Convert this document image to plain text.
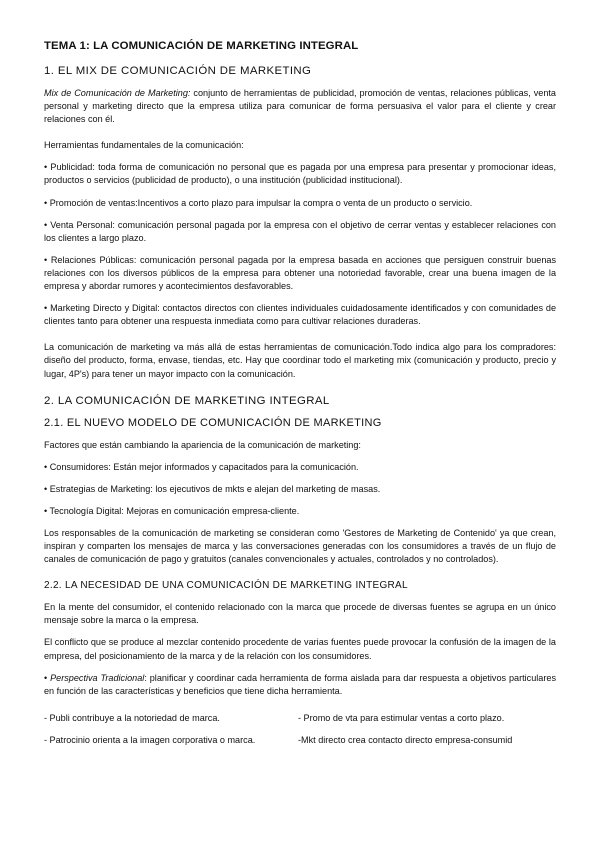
TEMA 1: LA COMUNICACIÓN DE MARKETING INTEGRAL
1. EL MIX DE COMUNICACIÓN DE MARKETING

Mix de Comunicación de Marketing: conjunto de herramientas de publicidad, promoción de ventas, relaciones públicas, venta personal y marketing directo que la empresa utiliza para comunicar de forma persuasiva el valor para el cliente y crear relaciones con él.

Herramientas fundamentales de la comunicación:

• Publicidad: toda forma de comunicación no personal que es pagada por una empresa para presentar y promocionar ideas, productos o servicios (publicidad de producto), o una institución (publicidad institucional).

• Promoción de ventas:Incentivos a corto plazo para impulsar la compra o venta de un producto o servicio.

• Venta Personal: comunicación personal pagada por la empresa con el objetivo de cerrar ventas y establecer relaciones con los clientes a largo plazo.

• Relaciones Públicas: comunicación personal pagada por la empresa basada en acciones que persiguen construir buenas relaciones con los diversos públicos de la empresa para obtener una notoriedad favorable, crear una buena imagen de la empresa y abordar rumores y acontecimientos desfavorables.

• Marketing Directo y Digital: contactos directos con clientes individuales cuidadosamente identificados y con comunidades de clientes tanto para obtener una respuesta inmediata como para cultivar relaciones duraderas.

La comunicación de marketing va más allá de estas herramientas de comunicación.Todo indica algo para los compradores: diseño del producto, forma, envase, tiendas, etc. Hay que coordinar todo el marketing mix (comunicación y producto, precio y lugar, 4P's) para tener un mayor impacto con la comunicación.

2. LA COMUNICACIÓN DE MARKETING INTEGRAL
2.1. EL NUEVO MODELO DE COMUNICACIÓN DE MARKETING

Factores que están cambiando la apariencia de la comunicación de marketing:

• Consumidores: Están mejor informados y capacitados para la comunicación.

• Estrategias de Marketing: los ejecutivos de mkts e alejan del marketing de masas.

• Tecnología Digital: Mejoras en comunicación empresa-cliente.

Los responsables de la comunicación de marketing se consideran como 'Gestores de Marketing de Contenido' ya que crean, inspiran y comparten los mensajes de marca y las conversaciones generadas con los consumidores a través de un flujo de canales de comunicación de pago y gratuitos (canales convencionales y actuales, controlados y no controlados).

2.2. LA NECESIDAD DE UNA COMUNICACIÓN DE MARKETING INTEGRAL

En la mente del consumidor, el contenido relacionado con la marca que procede de diversas fuentes se agrupa en un único mensaje sobre la marca o la empresa.

El conflicto que se produce al mezclar contenido procedente de varias fuentes puede provocar la confusión de la imagen de la empresa, del posicionamiento de la marca y de la relación con los consumidores.

• Perspectiva Tradicional: planificar y coordinar cada herramienta de forma aislada para dar respuesta a objetivos particulares en función de las características y beneficios que tiene dicha herramienta.

- Publi contribuye a la notoriedad de marca.	- Promo de vta para estimular ventas a corto plazo.
- Patrocinio orienta a la imagen corporativa o marca.	-Mkt directo crea contacto directo empresa-consumid
